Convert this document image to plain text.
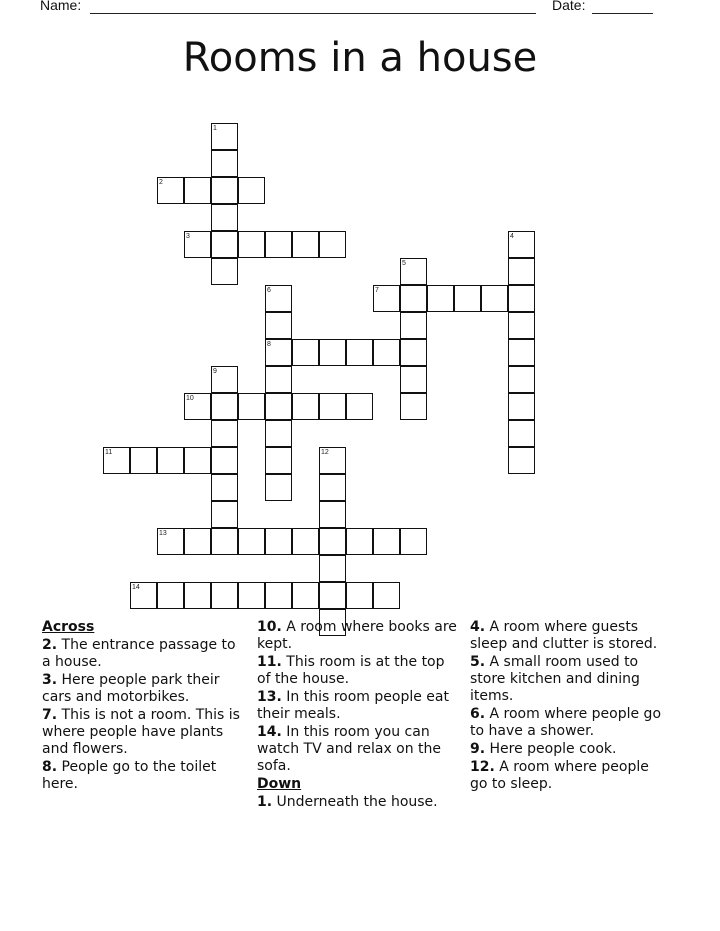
Name:	Date:
Rooms in a house
1
2
3	4
5
6	7
8
9
10
11	12
13
14
Across
2. The entrance passage to a house.
3. Here people park their cars and motorbikes.
7. This is not a room. This is where people have plants and flowers.
8. People go to the toilet here.
10. A room where books are kept.
11. This room is at the top of the house.
13. In this room people eat their meals.
14. In this room you can watch TV and relax on the sofa.
Down
1. Underneath the house.
4. A room where guests sleep and clutter is stored.
5. A small room used to store kitchen and dining items.
6. A room where people go to have a shower.
9. Here people cook.
12. A room where people go to sleep.
